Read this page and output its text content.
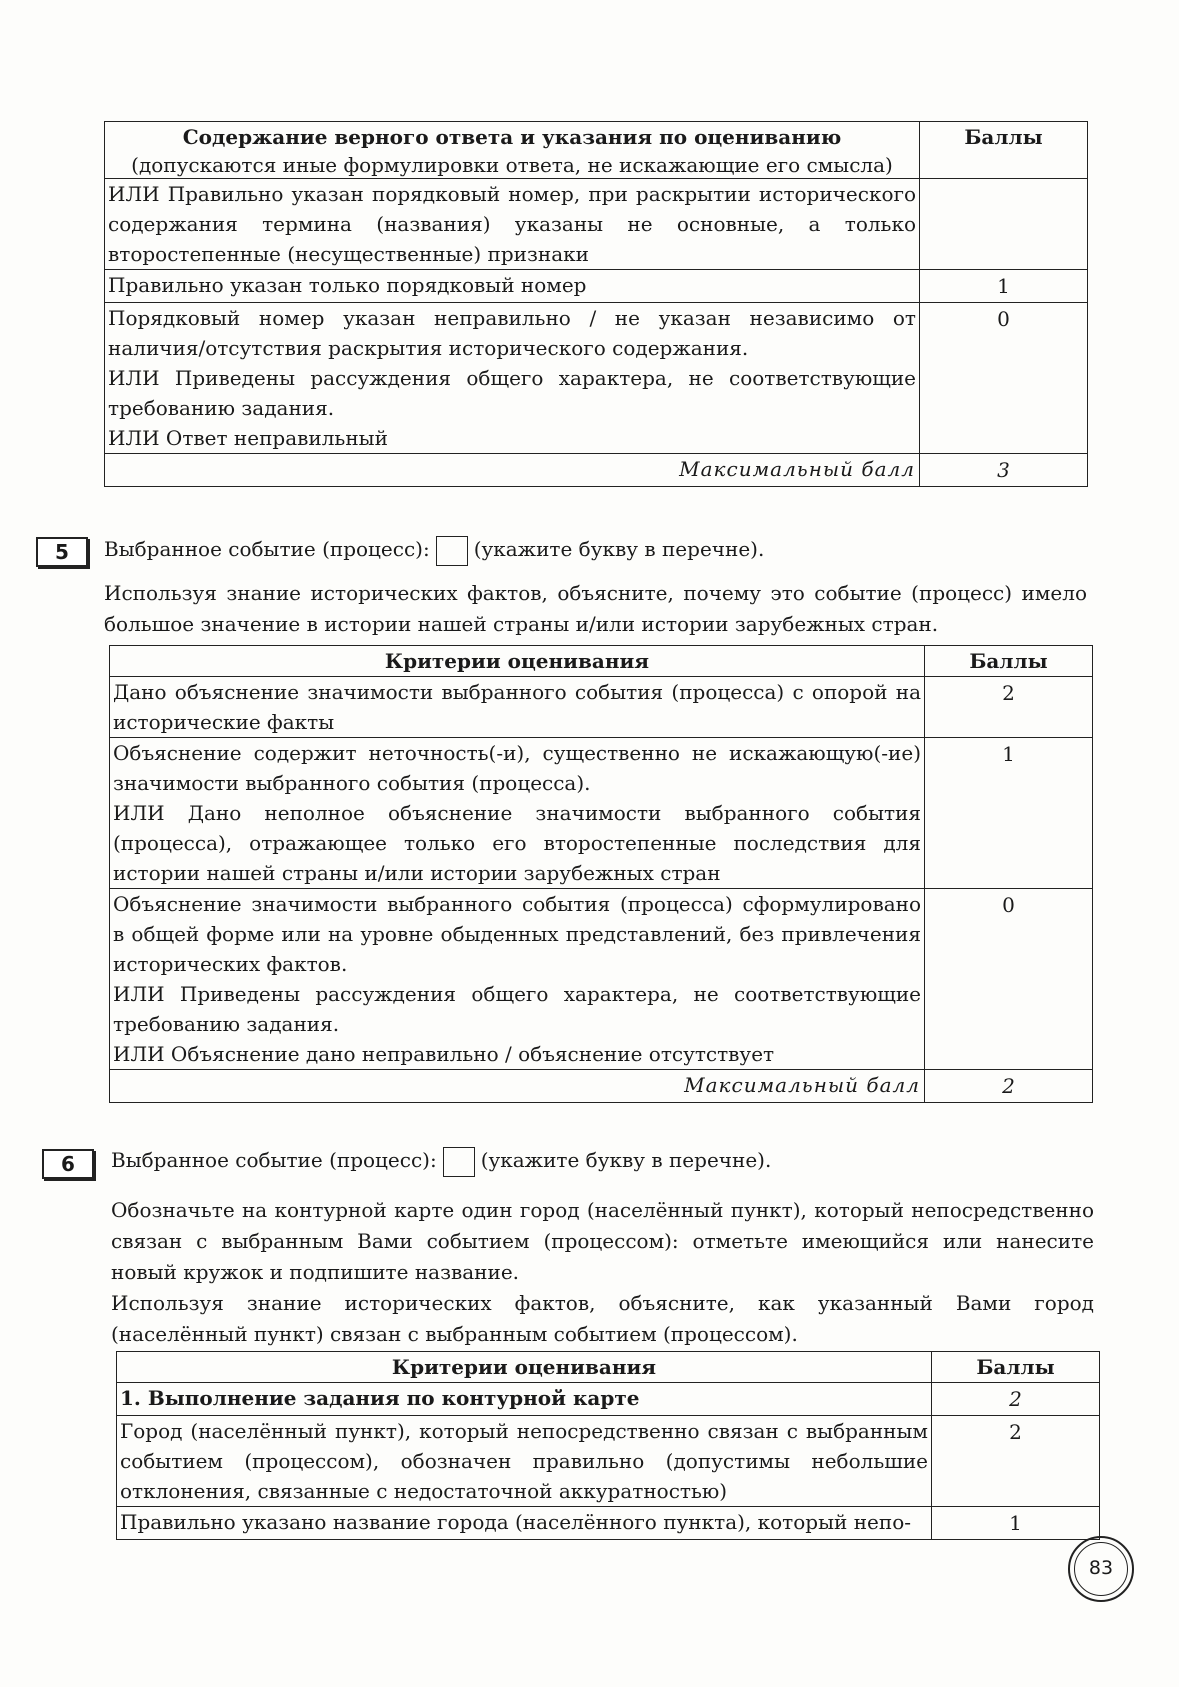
Содержание верного ответа и указания по оцениванию
(допускаются иные формулировки ответа, не искажающие его смысла)	Баллы
ИЛИ Правильно указан порядковый номер, при раскрытии исторического содержания термина (названия) указаны не основные, а только второстепенные (несущественные) признаки	
Правильно указан только порядковый номер	1

Порядковый номер указан неправильно / не указан независимо от наличия/отсутствия раскрытия исторического содержания.
ИЛИ Приведены рассуждения общего характера, не соответствующие требованию задания.
ИЛИ Ответ неправильный	0
Максимальный балл	3
5	Выбранное событие (процесс): (укажите букву в перечне).
Используя знание исторических фактов, объясните, почему это событие (процесс) имело большое значение в истории нашей страны и/или истории зарубежных стран.
Критерии оценивания	Баллы

Дано объяснение значимости выбранного события (процесса) с опорой на исторические факты	2

Объяснение содержит неточность(-и), существенно не искажающую(-ие) значимости выбранного события (процесса).
ИЛИ Дано неполное объяснение значимости выбранного события (процесса), отражающее только его второстепенные последствия для истории нашей страны и/или истории зарубежных стран	1

Объяснение значимости выбранного события (процесса) сформулировано в общей форме или на уровне обыденных представлений, без привлечения исторических фактов.
ИЛИ Приведены рассуждения общего характера, не соответствующие требованию задания.
ИЛИ Объяснение дано неправильно / объяснение отсутствует	0
Максимальный балл	2
6	Выбранное событие (процесс): (укажите букву в перечне).
Обозначьте на контурной карте один город (населённый пункт), который непосредственно связан с выбранным Вами событием (процессом): отметьте имеющийся или нанесите новый кружок и подпишите название.
Используя знание исторических фактов, объясните, как указанный Вами город (населённый пункт) связан с выбранным событием (процессом).
Критерии оценивания	Баллы
1. Выполнение задания по контурной карте	2
Город (населённый пункт), который непосредственно связан с выбранным событием (процессом), обозначен правильно (допустимы небольшие отклонения, связанные с недостаточной аккуратностью)	2
Правильно указано название города (населённого пункта), который непо-	1
83
